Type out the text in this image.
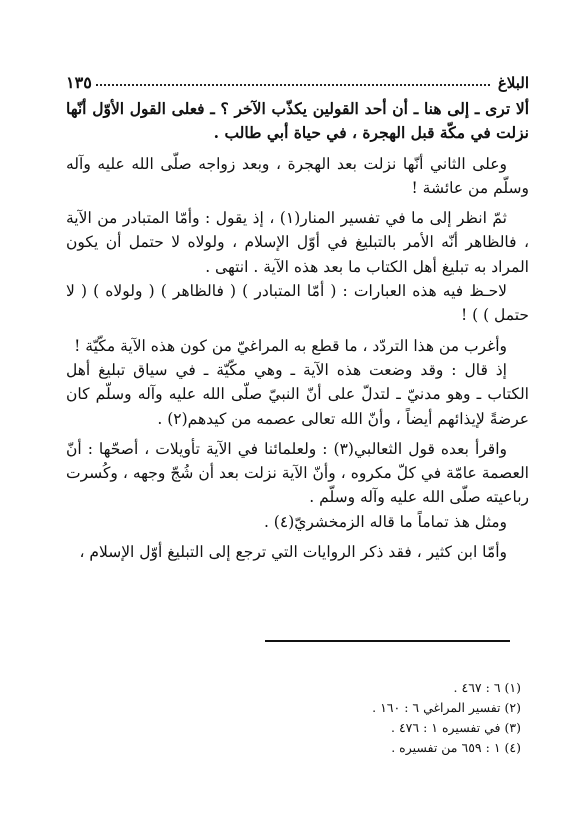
البلاغ
١٣٥

ألا ترى ـ إلى هنا ـ أن أحد القولين يكذّب الآخر ؟ ـ فعلى القول الأوّل أنّها نزلت في مكّة قبل الهجرة ، في حياة أبي طالب .

وعلى الثاني أنّها نزلت بعد الهجرة ، وبعد زواجه صلّى الله عليه وآله وسلّم من عائشة !

ثمّ انظر إلى ما في تفسير المنار(١) ، إذ يقول : وأمّا المتبادر من الآية ، فالظاهر أنّه الأمر بالتبليغ في أوّل الإسلام ، ولولاه لا حتمل أن يكون المراد به تبليغ أهل الكتاب ما بعد هذه الآية . انتهى .

لاحـظ فيه هذه العبارات : ( أمّا المتبادر ) ( فالظاهر ) ( ولولاه ) ( لا حتمل ) ) !

وأغرب من هذا التردّد ، ما قطع به المراغيّ من كون هذه الآية مكّيّة !

إذ قال : وقد وضعت هذه الآية ـ وهي مكّيّة ـ في سياق تبليغ أهل الكتاب ـ وهو مدنيّ ـ لتدلّ على أنّ النبيّ صلّى الله عليه وآله وسلّم كان عرضةً لإيذائهم أيضاً ، وأنّ الله تعالى عصمه من كيدهم(٢) .

واقرأ بعده قول الثعالبي(٣) : ولعلمائنا في الآية تأويلات ، أصحّها : أنّ العصمة عامّة في كلّ مكروه ، وأنّ الآية نزلت بعد أن شُجّ وجهه ، وكُسرت رباعيته صلّى الله عليه وآله وسلّم .

ومثل هذ تماماً ما قاله الزمخشريّ(٤) .

وأمّا ابن كثير ، فقد ذكر الروايات التي ترجع إلى التبليغ أوّل الإسلام ،

(١) ٦ : ٤٦٧ .

(٢) تفسير المراغي ٦ : ١٦٠ .

(٣) في تفسيره ١ : ٤٧٦ .

(٤) ١ : ٦٥٩ من تفسيره .
